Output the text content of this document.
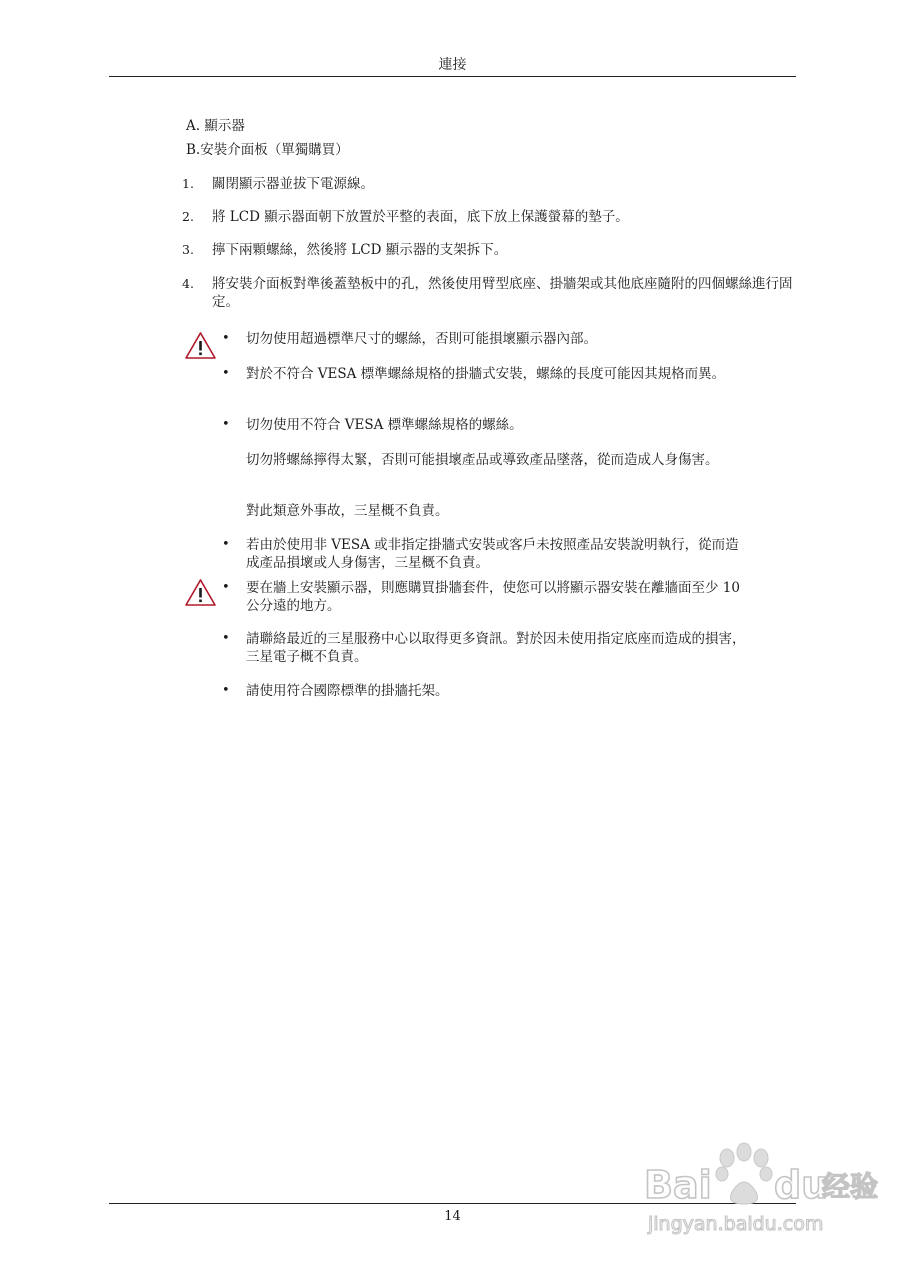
連接
A. 顯示器
B.安裝介面板（單獨購買）
1. 關閉顯示器並拔下電源線。
2. 將 LCD 顯示器面朝下放置於平整的表面，底下放上保護螢幕的墊子。
3. 擰下兩顆螺絲，然後將 LCD 顯示器的支架拆下。
4. 將安裝介面板對準後蓋墊板中的孔，然後使用臂型底座、掛牆架或其他底座隨附的四個螺絲進行固定。
• 切勿使用超過標準尺寸的螺絲，否則可能損壞顯示器內部。
• 對於不符合 VESA 標準螺絲規格的掛牆式安裝，螺絲的長度可能因其規格而異。
• 切勿使用不符合 VESA 標準螺絲規格的螺絲。
切勿將螺絲擰得太緊，否則可能損壞產品或導致產品墜落，從而造成人身傷害。
對此類意外事故，三星概不負責。
• 若由於使用非 VESA 或非指定掛牆式安裝或客戶未按照產品安裝說明執行，從而造成產品損壞或人身傷害，三星概不負責。
• 要在牆上安裝顯示器，則應購買掛牆套件，使您可以將顯示器安裝在離牆面至少 10 公分遠的地方。
• 請聯絡最近的三星服務中心以取得更多資訊。對於因未使用指定底座而造成的損害，三星電子概不負責。
• 請使用符合國際標準的掛牆托架。
14
Bai du
经验
jingyan.baidu.com
